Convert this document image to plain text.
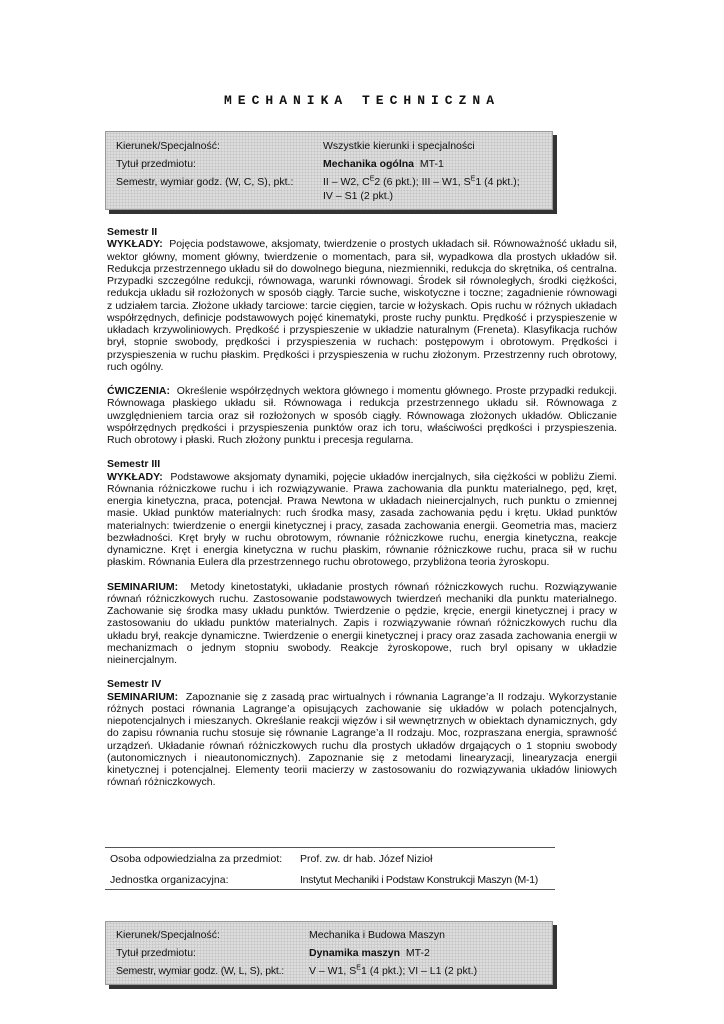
MECHANIKA TECHNICZNA
Kierunek/Specjalność:	Wszystkie kierunki i specjalności
Tytuł przedmiotu:	Mechanika ogólna MT-1
Semestr, wymiar godz. (W, C, S), pkt.:	II – W2, $C^E2$ (6 pkt.); III – W1, $S^E1$ (4 pkt.);
IV – S1 (2 pkt.)

Semestr II

WYKŁADY: Pojęcia podstawowe, aksjomaty, twierdzenie o prostych układach sił. Równoważność układu sił, wektor główny, moment główny, twierdzenie o momentach, para sił, wypadkowa dla prostych układów sił. Redukcja przestrzennego układu sił do dowolnego bieguna, niezmienniki, redukcja do skrętnika, oś centralna. Przypadki szczególne redukcji, równowaga, warunki równowagi. Środek sił równoległych, środki ciężkości, redukcja układu sił rozłożonych w sposób ciągły. Tarcie suche, wiskotyczne i toczne; zagadnienie równowagi z udziałem tarcia. Złożone układy tarciowe: tarcie cięgien, tarcie w łożyskach. Opis ruchu w różnych układach współrzędnych, definicje podstawowych pojęć kinematyki, proste ruchy punktu. Prędkość i przyspieszenie w układach krzywoliniowych. Prędkość i przyspieszenie w układzie naturalnym (Freneta). Klasyfikacja ruchów brył, stopnie swobody, prędkości i przyspieszenia w ruchach: postępowym i obrotowym. Prędkości i przyspieszenia w ruchu płaskim. Prędkości i przyspieszenia w ruchu złożonym. Przestrzenny ruch obrotowy, ruch ogólny.

ĆWICZENIA: Określenie współrzędnych wektora głównego i momentu głównego. Proste przypadki redukcji. Równowaga płaskiego układu sił. Równowaga i redukcja przestrzennego układu sił. Równowaga z uwzględnieniem tarcia oraz sił rozłożonych w sposób ciągły. Równowaga złożonych układów. Obliczanie współrzędnych prędkości i przyspieszenia punktów oraz ich toru, właściwości prędkości i przyspieszenia. Ruch obrotowy i płaski. Ruch złożony punktu i precesja regularna.

Semestr III

WYKŁADY: Podstawowe aksjomaty dynamiki, pojęcie układów inercjalnych, siła ciężkości w pobliżu Ziemi. Równania różniczkowe ruchu i ich rozwiązywanie. Prawa zachowania dla punktu materialnego, pęd, kręt, energia kinetyczna, praca, potencjał. Prawa Newtona w układach nieinercjalnych, ruch punktu o zmiennej masie. Układ punktów materialnych: ruch środka masy, zasada zachowania pędu i krętu. Układ punktów materialnych: twierdzenie o energii kinetycznej i pracy, zasada zachowania energii. Geometria mas, macierz bezwładności. Kręt bryły w ruchu obrotowym, równanie różniczkowe ruchu, energia kinetyczna, reakcje dynamiczne. Kręt i energia kinetyczna w ruchu płaskim, równanie różniczkowe ruchu, praca sił w ruchu płaskim. Równania Eulera dla przestrzennego ruchu obrotowego, przybliżona teoria żyroskopu.

SEMINARIUM: Metody kinetostatyki, układanie prostych równań różniczkowych ruchu. Rozwiązywanie równań różniczkowych ruchu. Zastosowanie podstawowych twierdzeń mechaniki dla punktu materialnego. Zachowanie się środka masy układu punktów. Twierdzenie o pędzie, kręcie, energii kinetycznej i pracy w zastosowaniu do układu punktów materialnych. Zapis i rozwiązywanie równań różniczkowych ruchu dla układu brył, reakcje dynamiczne. Twierdzenie o energii kinetycznej i pracy oraz zasada zachowania energii w mechanizmach o jednym stopniu swobody. Reakcje żyroskopowe, ruch bryl opisany w układzie nieinercjalnym.

Semestr IV

SEMINARIUM: Zapoznanie się z zasadą prac wirtualnych i równania Lagrange’a II rodzaju. Wykorzystanie różnych postaci równania Lagrange’a opisujących zachowanie się układów w polach potencjalnych, niepotencjalnych i mieszanych. Określanie reakcji więzów i sił wewnętrznych w obiektach dynamicznych, gdy do zapisu równania ruchu stosuje się równanie Lagrange’a II rodzaju. Moc, rozpraszana energia, sprawność urządzeń. Układanie równań różniczkowych ruchu dla prostych układów drgających o 1 stopniu swobody (autonomicznych i nieautonomicznych). Zapoznanie się z metodami linearyzacji, linearyzacja energii kinetycznej i potencjalnej. Elementy teorii macierzy w zastosowaniu do rozwiązywania układów liniowych równań różniczkowych.

Osoba odpowiedzialna za przedmiot: Prof. zw. dr hab. Józef Nizioł
Jednostka organizacyjna:	Instytut Mechaniki i Podstaw Konstrukcji Maszyn (M-1)
Kierunek/Specjalność:	Mechanika i Budowa Maszyn
Tytuł przedmiotu:	Dynamika maszyn MT-2
Semestr, wymiar godz. (W, L, S), pkt.: V – W1, $S^E1$ (4 pkt.); VI – L1 (2 pkt.)
